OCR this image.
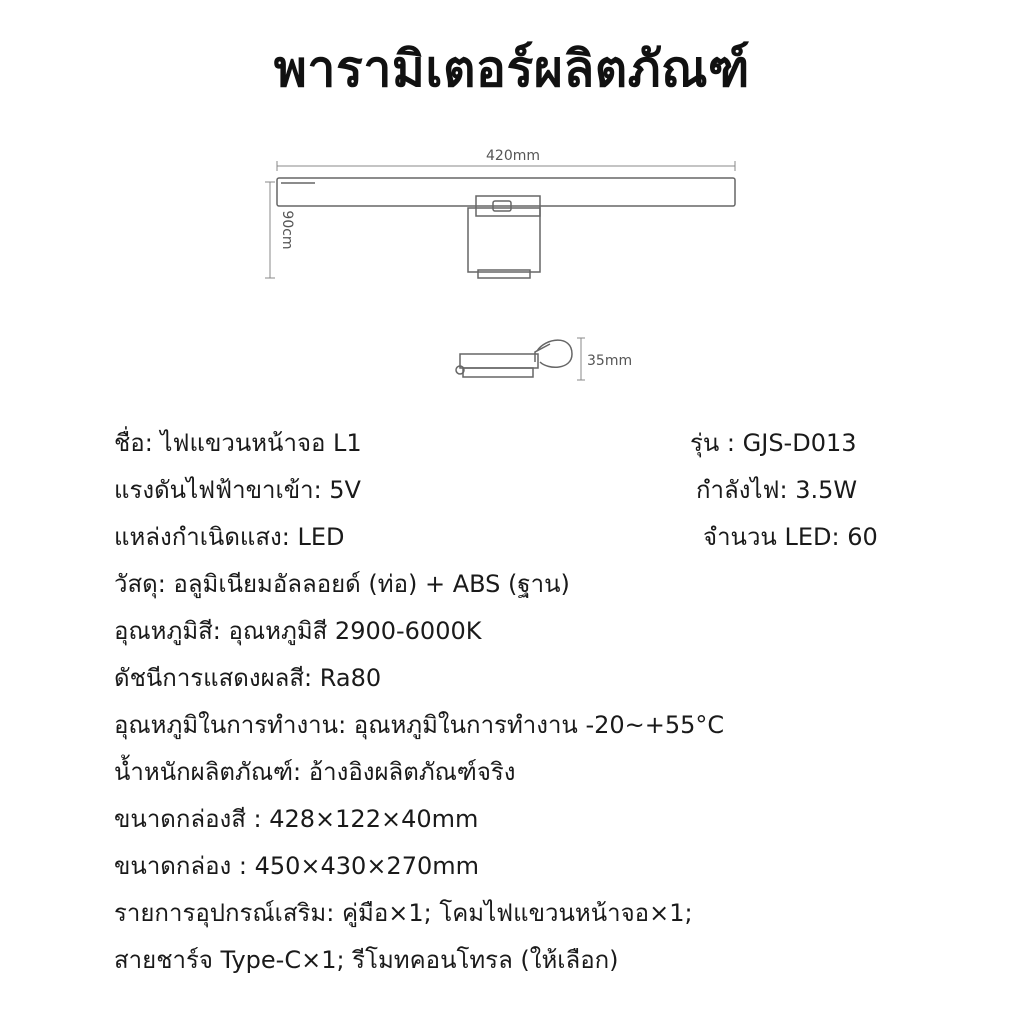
พารามิเตอร์ผลิตภัณฑ์
420mm
90cm
35mm
ชื่อ: ไฟแขวนหน้าจอ L1	รุ่น : GJS-D013
แรงดันไฟฟ้าขาเข้า: 5V	กำลังไฟ: 3.5W
แหล่งกำเนิดแสง: LED	จำนวน LED: 60
วัสดุ: อลูมิเนียมอัลลอยด์ (ท่อ) + ABS (ฐาน)
อุณหภูมิสี: อุณหภูมิสี 2900-6000K
ดัชนีการแสดงผลสี: Ra80
อุณหภูมิในการทำงาน: อุณหภูมิในการทำงาน -20~+55°C
น้ำหนักผลิตภัณฑ์: อ้างอิงผลิตภัณฑ์จริง
ขนาดกล่องสี : 428×122×40mm
ขนาดกล่อง : 450×430×270mm
รายการอุปกรณ์เสริม: คู่มือ×1; โคมไฟแขวนหน้าจอ×1;
สายชาร์จ Type-C×1; รีโมทคอนโทรล (ให้เลือก)
